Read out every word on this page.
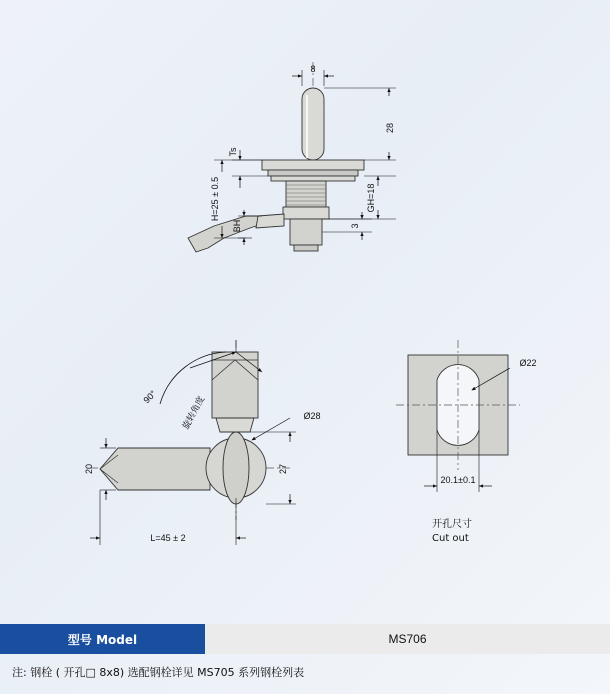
8
28
GH=18
3
Ts
H=25 ± 0.5
BH
90°	旋转角度	Ø28
20	27
L=45 ± 2
Ø22
20.1±0.1
开孔尺寸
Cut out
型号 Model	MS706
注: 钢栓 ( 开孔□ 8x8) 选配钢栓详见 MS705 系列钢栓列表
